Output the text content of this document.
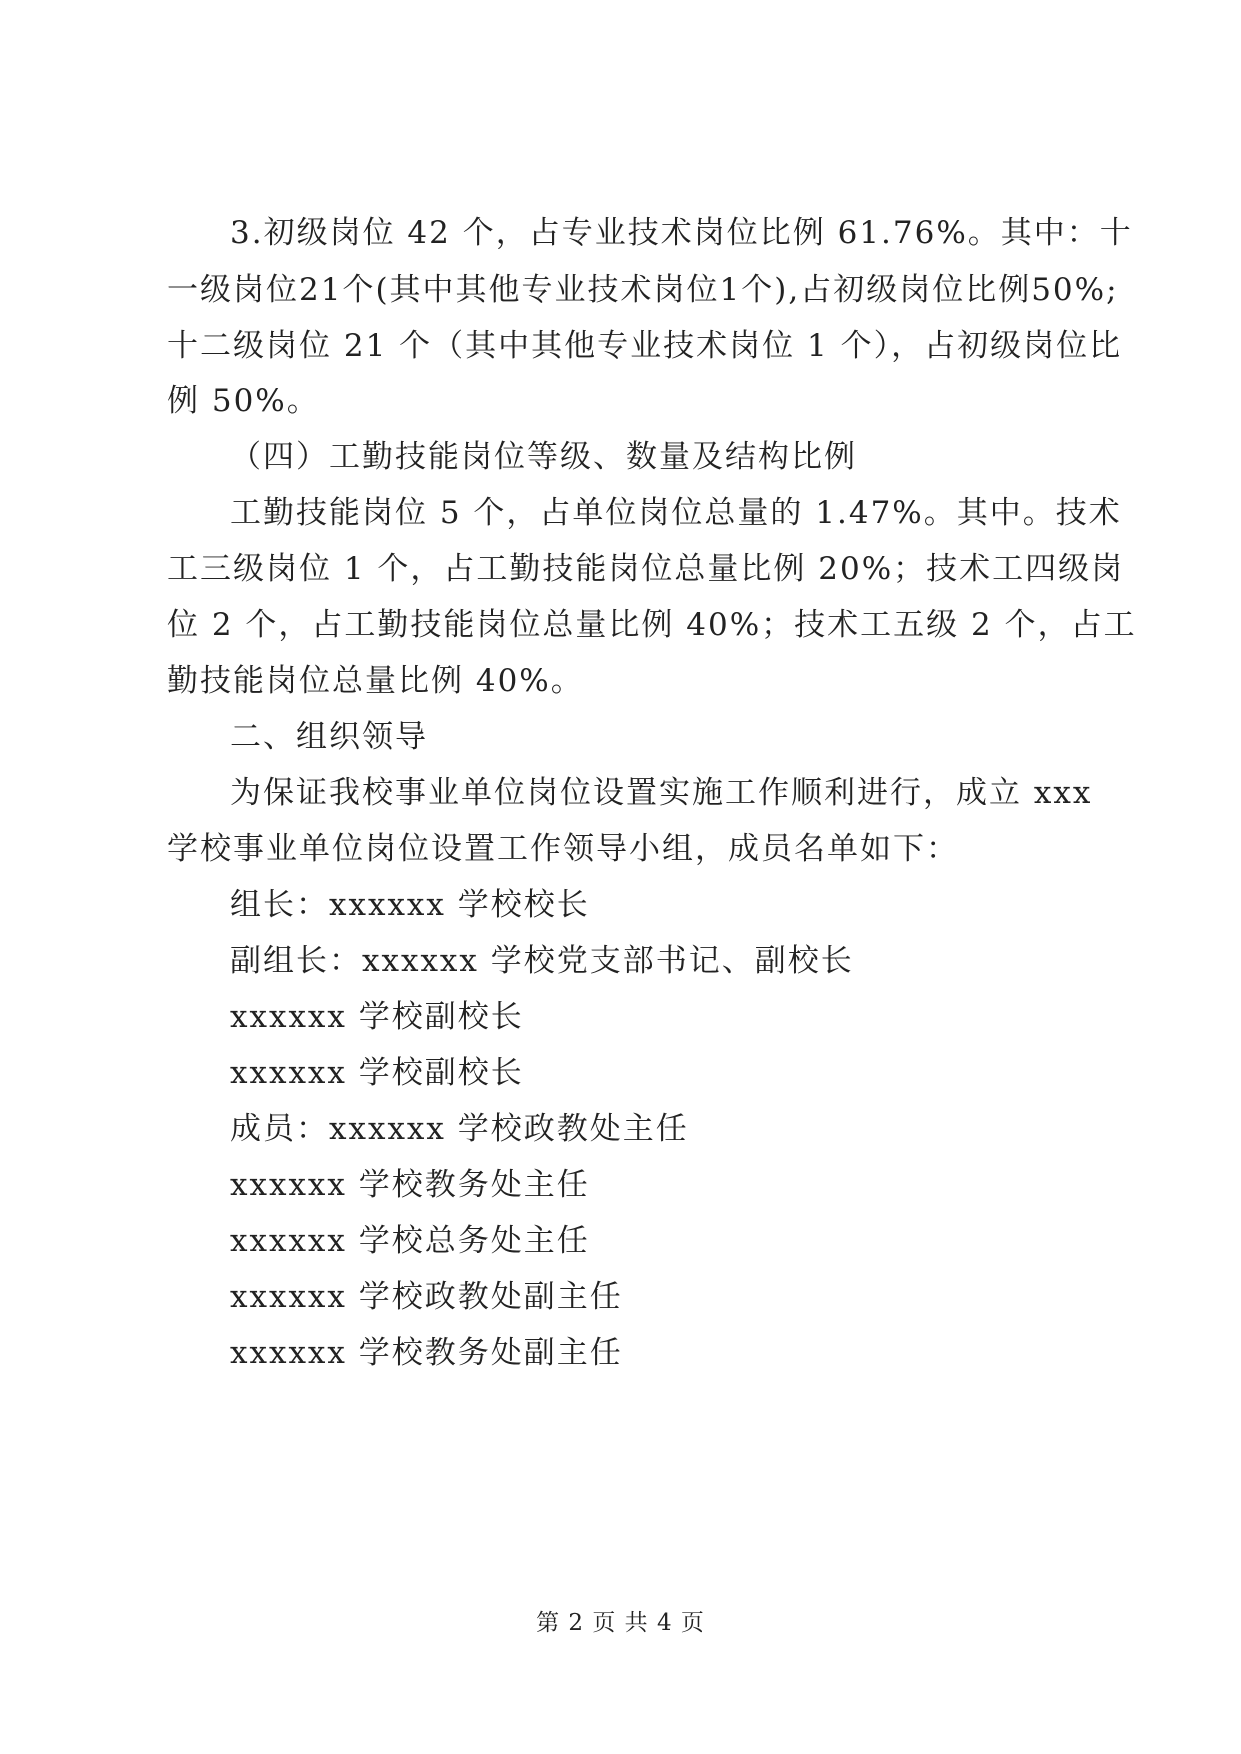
3.初级岗位 42 个，占专业技术岗位比例 61.76%。其中：十
一级岗位21个(其中其他专业技术岗位1个),占初级岗位比例50%;
十二级岗位 21 个（其中其他专业技术岗位 1 个），占初级岗位比
例 50%。
（四）工勤技能岗位等级、数量及结构比例
工勤技能岗位 5 个，占单位岗位总量的 1.47%。其中。技术
工三级岗位 1 个，占工勤技能岗位总量比例 20%；技术工四级岗
位 2 个，占工勤技能岗位总量比例 40%；技术工五级 2 个，占工
勤技能岗位总量比例 40%。
二、组织领导
为保证我校事业单位岗位设置实施工作顺利进行，成立 xxx
学校事业单位岗位设置工作领导小组，成员名单如下：
组长：xxxxxx 学校校长
副组长：xxxxxx 学校党支部书记、副校长
xxxxxx 学校副校长
xxxxxx 学校副校长
成员：xxxxxx 学校政教处主任
xxxxxx 学校教务处主任
xxxxxx 学校总务处主任
xxxxxx 学校政教处副主任
xxxxxx 学校教务处副主任
第 2 页 共 4 页
